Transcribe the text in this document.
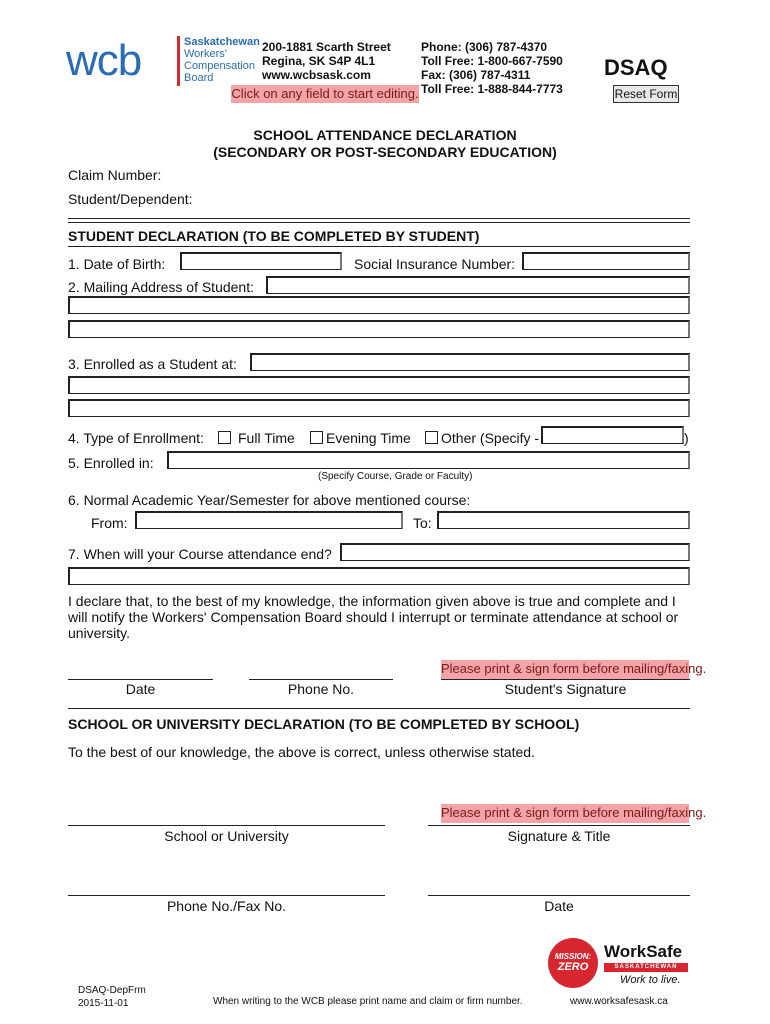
wcb	Saskatchewan
Workers'
Compensation
Board
200-1881 Scarth Street
Regina, SK S4P 4L1
www.wcbsask.com
Phone: (306) 787-4370
Toll Free: 1-800-667-7590
Fax: (306) 787-4311
Toll Free: 1-888-844-7773
Click on any field to start editing.
DSAQ
Reset Form
SCHOOL ATTENDANCE DECLARATION
(SECONDARY OR POST-SECONDARY EDUCATION)
Claim Number:
Student/Dependent:
STUDENT DECLARATION (TO BE COMPLETED BY STUDENT)
1. Date of Birth:	Social Insurance Number:
2. Mailing Address of Student:
3. Enrolled as a Student at:
4. Type of Enrollment: Full Time Evening Time Other (Specify -	)
5. Enrolled in:
(Specify Course, Grade or Faculty)
6. Normal Academic Year/Semester for above mentioned course:
From:	To:
7. When will your Course attendance end?
I declare that, to the best of my knowledge, the information given above is true and complete and I will notify the Workers' Compensation Board should I interrupt or terminate attendance at school or university.
Please print & sign form before mailing/faxing.
Date	Phone No.	Student's Signature
SCHOOL OR UNIVERSITY DECLARATION (TO BE COMPLETED BY SCHOOL)
To the best of our knowledge, the above is correct, unless otherwise stated.
Please print & sign form before mailing/faxing.
School or University	Signature & Title
Phone No./Fax No.	Date
DSAQ-DepFrm
2015-11-01	When writing to the WCB please print name and claim or firm number.
MISSION:
ZERO
WorkSafe
SASKATCHEWAN
Work to live.
www.worksafesask.ca
